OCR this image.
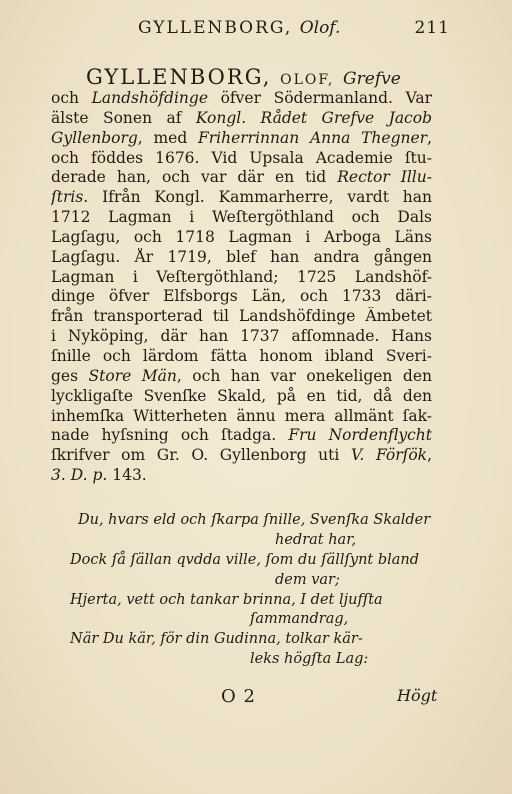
GYLLENBORG, Olof.	211
GYLLENBORG, OLOF, Grefve
och Landshöfdinge öfver Södermanland. Var
älste Sonen af Kongl. Rådet Grefve Jacob
Gyllenborg, med Friherrinnan Anna Thegner,
och föddes 1676. Vid Upsala Academie ſtu-
derade han, och var där en tid Rector Illu-
ſtris. Ifrån Kongl. Kammarherre, vardt han
1712 Lagman i Weſtergöthland och Dals
Lagſagu, och 1718 Lagman i Arboga Läns
Lagſagu. År 1719, blef han andra gången
Lagman i Veſtergöthland; 1725 Landshöf-
dinge öfver Elfsborgs Län, och 1733 däri-
från transporterad til Landshöfdinge Ämbetet
i Nyköping, där han 1737 afſomnade. Hans
ſnille och lärdom fätta honom ibland Sveri-
ges Store Män, och han var onekeligen den
lyckligaſte Svenſke Skald, på en tid, då den
inhemſka Witterheten ännu mera allmänt ſak-
nade hyſsning och ſtadga. Fru Nordenflycht
ſkrifver om Gr. O. Gyllenborg uti V. Förſök,
3. D. p. 143.
Du, hvars eld och ſkarpa ſnille, Svenſka Skalder
hedrat har,
Dock ſå ſällan qvdda ville, ſom du ſällſynt bland
dem var;
Hjerta, vett och tankar brinna, I det ljufſta
ſammandrag,
När Du kär, för din Gudinna, tolkar kär-
leks högſta Lag:
O 2	Högt
